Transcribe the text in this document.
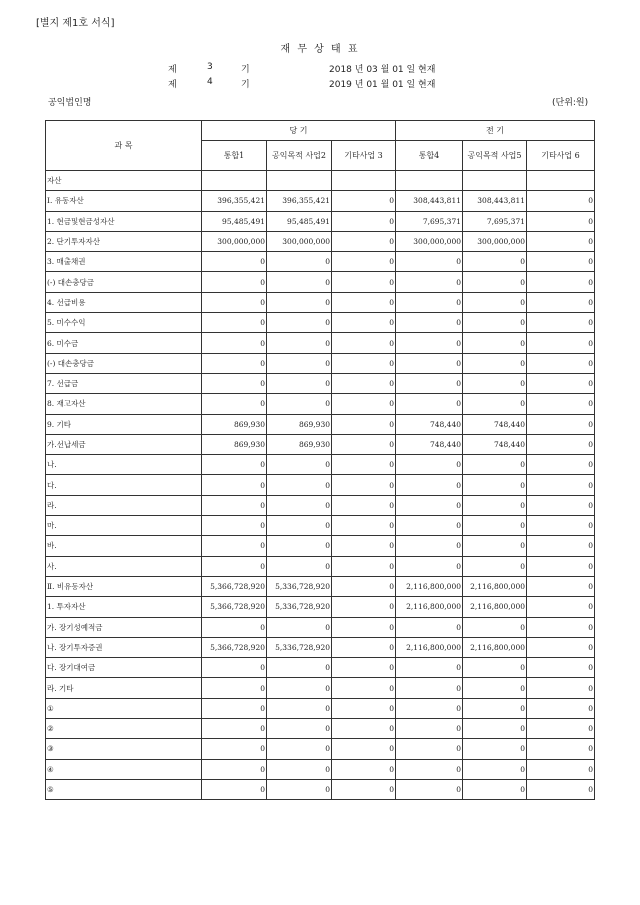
[별지 제1호 서식]
재 무 상 태 표
제	3	기	2018 년 03 월 01 일 현재
제	4	기	2019 년 01 월 01 일 현재
공익법인명	(단위:원)
과 목	당 기			전 기		
	통합1	공익목적 사업2	기타사업 3	통합4	공익목적 사업5	기타사업 6
자산						
Ⅰ. 유동자산	396,355,421	396,355,421	0	308,443,811	308,443,811	0
1. 현금및현금성자산	95,485,491	95,485,491	0	7,695,371	7,695,371	0
2. 단기투자자산	300,000,000	300,000,000	0	300,000,000	300,000,000	0
3. 매출채권	0	0	0	0	0	0
(-) 대손충당금	0	0	0	0	0	0
4. 선급비용	0	0	0	0	0	0
5. 미수수익	0	0	0	0	0	0
6. 미수금	0	0	0	0	0	0
(-) 대손충당금	0	0	0	0	0	0
7. 선급금	0	0	0	0	0	0
8. 재고자산	0	0	0	0	0	0
9. 기타	869,930	869,930	0	748,440	748,440	0
가.선납세금	869,930	869,930	0	748,440	748,440	0
나.	0	0	0	0	0	0
다.	0	0	0	0	0	0
라.	0	0	0	0	0	0
마.	0	0	0	0	0	0
바.	0	0	0	0	0	0
사.	0	0	0	0	0	0
Ⅱ. 비유동자산	5,366,728,920	5,336,728,920	0	2,116,800,000	2,116,800,000	0
1. 투자자산	5,366,728,920	5,336,728,920	0	2,116,800,000	2,116,800,000	0
가. 장기성예적금	0	0	0	0	0	0
나. 장기투자증권	5,366,728,920	5,336,728,920	0	2,116,800,000	2,116,800,000	0
다. 장기대여금	0	0	0	0	0	0
라. 기타	0	0	0	0	0	0
①	0	0	0	0	0	0
②	0	0	0	0	0	0
③	0	0	0	0	0	0
④	0	0	0	0	0	0
⑤	0	0	0	0	0	0
